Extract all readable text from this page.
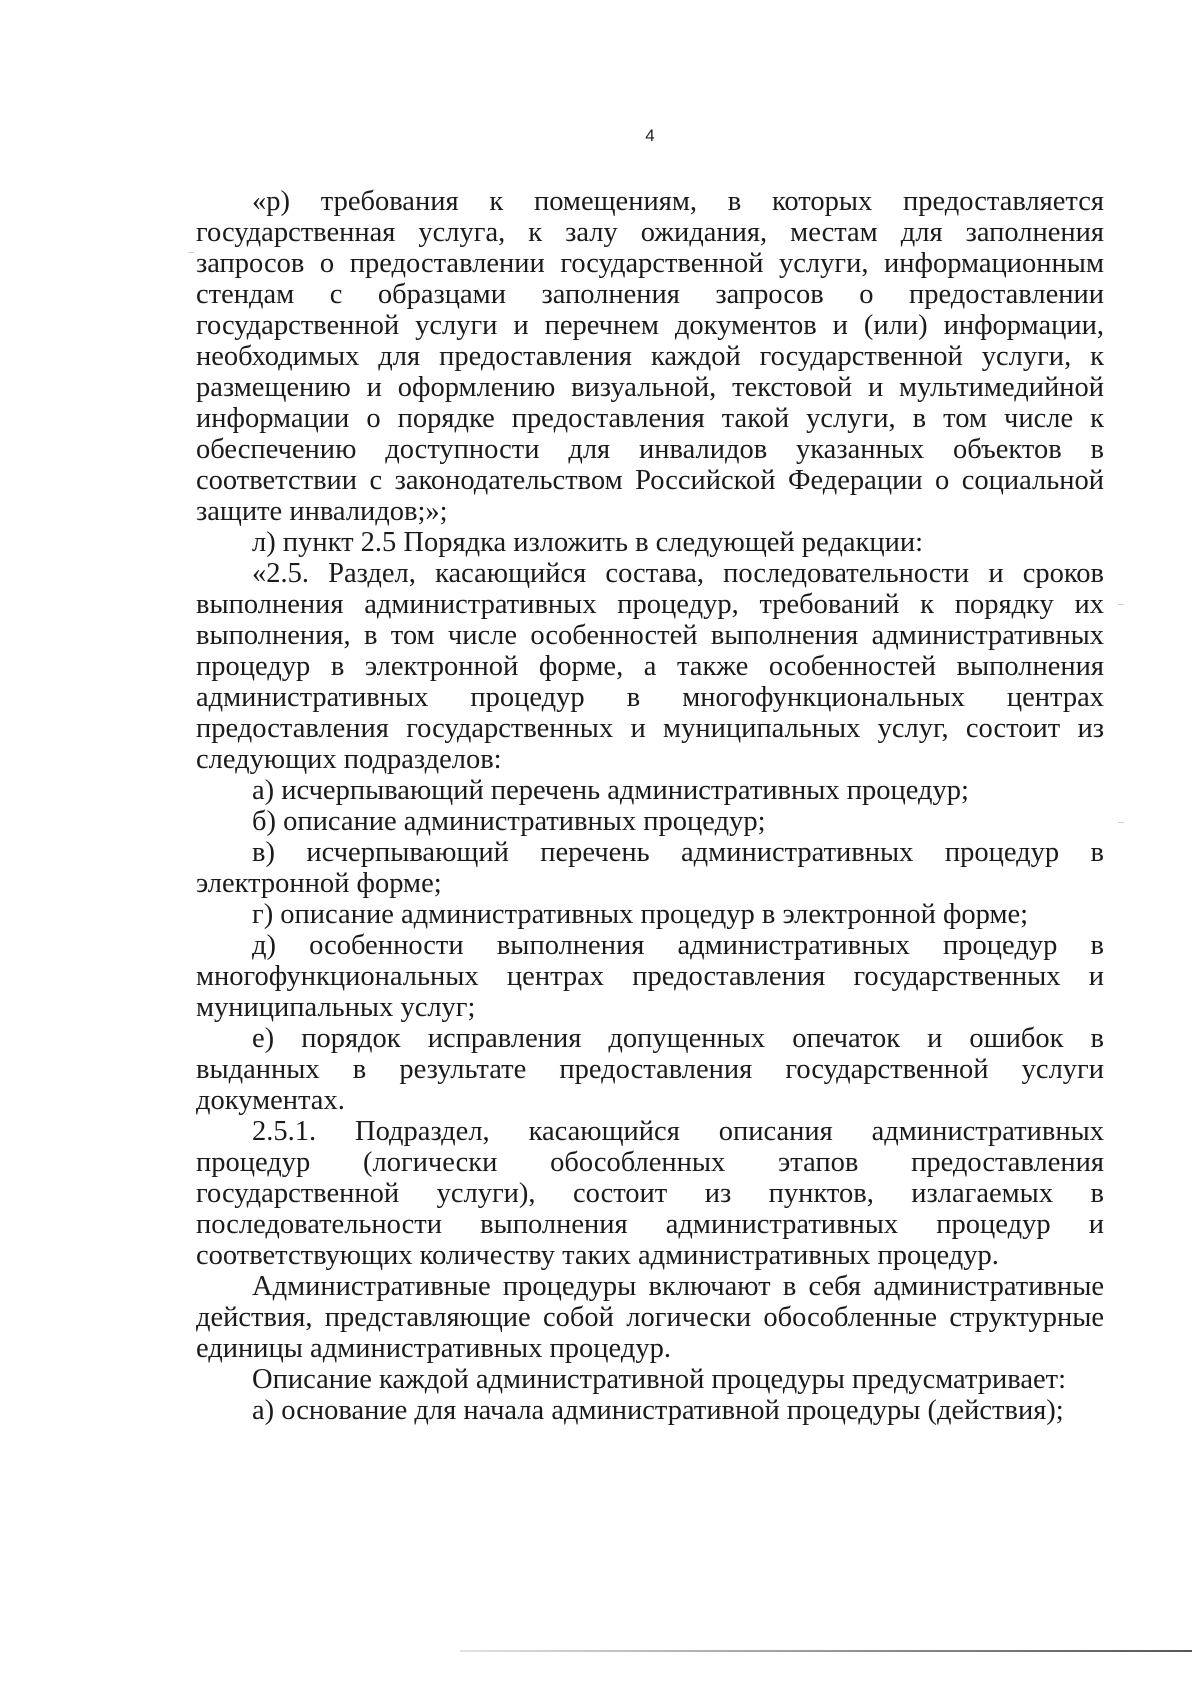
4
«р) требования к помещениям, в которых предоставляется
государственная услуга, к залу ожидания, местам для заполнения
запросов о предоставлении государственной услуги, информационным
стендам с образцами заполнения запросов о предоставлении
государственной услуги и перечнем документов и (или) информации,
необходимых для предоставления каждой государственной услуги, к
размещению и оформлению визуальной, текстовой и мультимедийной
информации о порядке предоставления такой услуги, в том числе к
обеспечению доступности для инвалидов указанных объектов в
соответствии с законодательством Российской Федерации о социальной
защите инвалидов;»;
л) пункт 2.5 Порядка изложить в следующей редакции:
«2.5. Раздел, касающийся состава, последовательности и сроков
выполнения административных процедур, требований к порядку их
выполнения, в том числе особенностей выполнения административных
процедур в электронной форме, а также особенностей выполнения
административных процедур в многофункциональных центрах
предоставления государственных и муниципальных услуг, состоит из
следующих подразделов:
а) исчерпывающий перечень административных процедур;
б) описание административных процедур;
в) исчерпывающий перечень административных процедур в
электронной форме;
г) описание административных процедур в электронной форме;
д) особенности выполнения административных процедур в
многофункциональных центрах предоставления государственных и
муниципальных услуг;
е) порядок исправления допущенных опечаток и ошибок в
выданных в результате предоставления государственной услуги
документах.
2.5.1. Подраздел, касающийся описания административных
процедур (логически обособленных этапов предоставления
государственной услуги), состоит из пунктов, излагаемых в
последовательности выполнения административных процедур и
соответствующих количеству таких административных процедур.
Административные процедуры включают в себя административные
действия, представляющие собой логически обособленные структурные
единицы административных процедур.
Описание каждой административной процедуры предусматривает:
а) основание для начала административной процедуры (действия);
